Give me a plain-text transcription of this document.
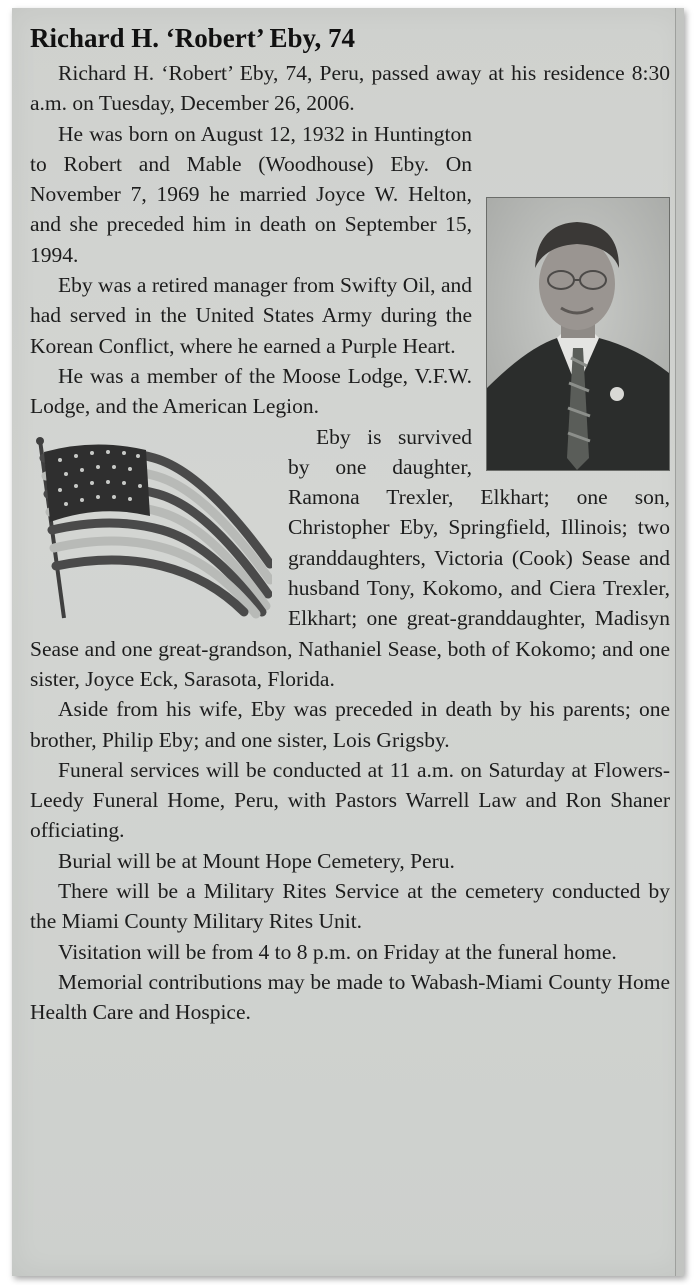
Richard H. ‘Robert’ Eby, 74

Richard H. ‘Robert’ Eby, 74, Peru, passed away at his residence 8:30 a.m. on Tuesday, December 26, 2006.

He was born on August 12, 1932 in Huntington to Robert and Mable (Woodhouse) Eby. On November 7, 1969 he married Joyce W. Helton, and she preceded him in death on September 15, 1994.

Eby was a retired manager from Swifty Oil, and had served in the United States Army during the Korean Conflict, where he earned a Purple Heart.

He was a member of the Moose Lodge, V.F.W. Lodge, and the American Legion.

Eby is survived by one daughter, Ramona Trexler, Elkhart; one son, Christopher Eby, Springfield, Illinois; two granddaughters, Victoria (Cook) Sease and husband Tony, Kokomo, and Ciera Trexler, Elkhart; one great-granddaughter, Madisyn Sease and one great-grandson, Nathaniel Sease, both of Kokomo; and one sister, Joyce Eck, Sarasota, Florida.

Aside from his wife, Eby was preceded in death by his parents; one brother, Philip Eby; and one sister, Lois Grigsby.

Funeral services will be conducted at 11 a.m. on Saturday at Flowers-Leedy Funeral Home, Peru, with Pastors Warrell Law and Ron Shaner officiating.

Burial will be at Mount Hope Cemetery, Peru.

There will be a Military Rites Service at the cemetery conducted by the Miami County Military Rites Unit.

Visitation will be from 4 to 8 p.m. on Friday at the funeral home.

Memorial contributions may be made to Wabash-Miami County Home Health Care and Hospice.
